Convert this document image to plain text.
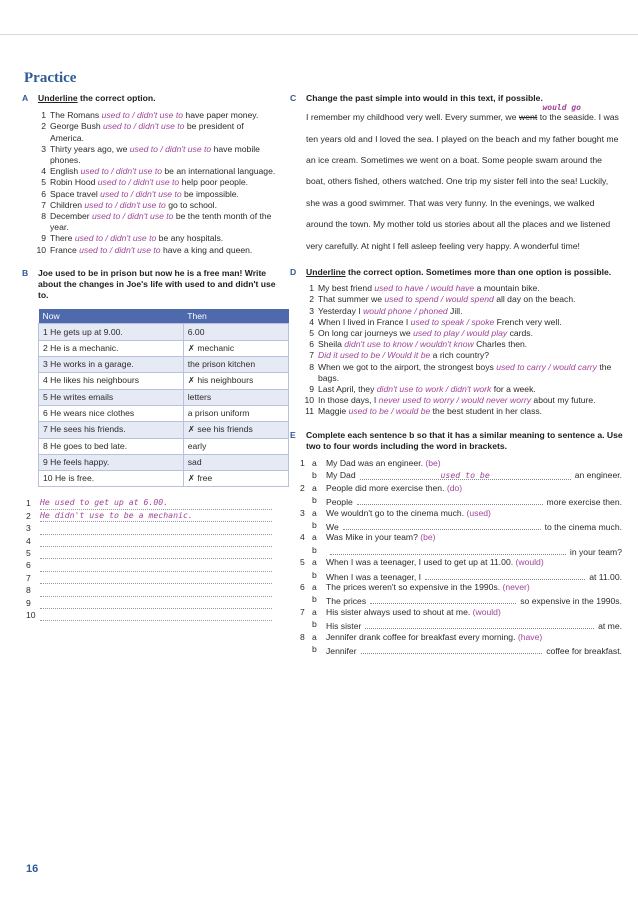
Practice
A Underline the correct option.
1 The Romans used to / didn't use to have paper money.
2 George Bush used to / didn't use to be president of America.
3 Thirty years ago, we used to / didn't use to have mobile phones.
4 English used to / didn't use to be an international language.
5 Robin Hood used to / didn't use to help poor people.
6 Space travel used to / didn't use to be impossible.
7 Children used to / didn't use to go to school.
8 December used to / didn't use to be the tenth month of the year.
9 There used to / didn't use to be any hospitals.
10 France used to / didn't use to have a king and queen.
B Joe used to be in prison but now he is a free man! Write about the changes in Joe's life with used to and didn't use to.
Now	Then
1 He gets up at 9.00.	6.00
2 He is a mechanic.	✗ mechanic
3 He works in a garage.	the prison kitchen
4 He likes his neighbours	✗ his neighbours
5 He writes emails	letters
6 He wears nice clothes	a prison uniform
7 He sees his friends.	✗ see his friends
8 He goes to bed late.	early
9 He feels happy.	sad
10 He is free.	✗ free
1 He used to get up at 6.00.
2 He didn't use to be a mechanic.
3
4
5
6
7
8
9
10
C Change the past simple into would in this text, if possible.
would go
I remember my childhood very well. Every summer, we went to the seaside. I was ten years old and I loved the sea. I played on the beach and my father bought me an ice cream. Sometimes we went on a boat. Some people swam around the boat, others fished, others watched. One trip my sister fell into the sea! Luckily, she was a good swimmer. That was very funny. In the evenings, we walked around the town. My mother told us stories about all the places and we listened very carefully. At night I fell asleep feeling very happy. A wonderful time!
D Underline the correct option. Sometimes more than one option is possible.
1 My best friend used to have / would have a mountain bike.
2 That summer we used to spend / would spend all day on the beach.
3 Yesterday I would phone / phoned Jill.
4 When I lived in France I used to speak / spoke French very well.
5 On long car journeys we used to play / would play cards.
6 Sheila didn't use to know / wouldn't know Charles then.
7 Did it used to be / Would it be a rich country?
8 When we got to the airport, the strongest boys used to carry / would carry the bags.
9 Last April, they didn't use to work / didn't work for a week.
10 In those days, I never used to worry / would never worry about my future.
11 Maggie used to be / would be the best student in her class.
E Complete each sentence b so that it has a similar meaning to sentence a. Use two to four words including the word in brackets.
1 a My Dad was an engineer. (be)
b My Dad	used to be	an engineer.
2 a People did more exercise then. (do)
b People	more exercise then.
3 a We wouldn't go to the cinema much. (used)
b We	to the cinema much.
4 a Was Mike in your team? (be)
b	in your team?
5 a When I was a teenager, I used to get up at 11.00. (would)
b When I was a teenager, I	at 11.00.
6 a The prices weren't so expensive in the 1990s. (never)
b The prices	so expensive in the 1990s.
7 a His sister always used to shout at me. (would)
b His sister	at me.
8 a Jennifer drank coffee for breakfast every morning. (have)
b Jennifer	coffee for breakfast.
16
